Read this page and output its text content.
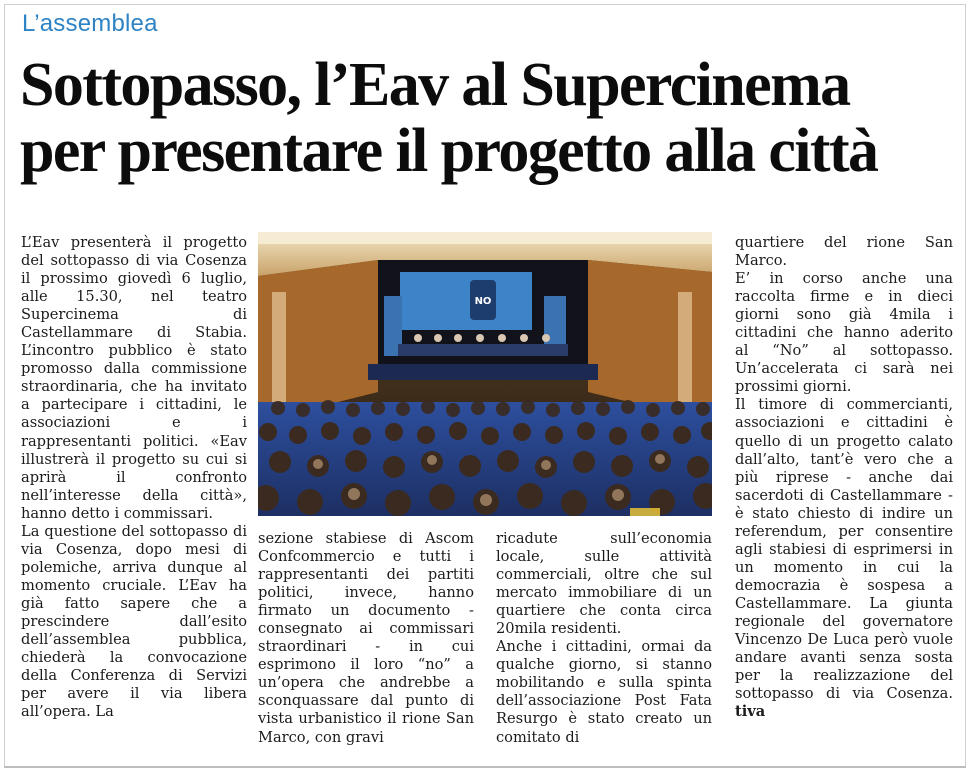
L’assemblea
Sottopasso, l’Eav al Supercinema
per presentare il progetto alla città

L’Eav presenterà il progetto del sottopasso di via Cosenza il prossimo giovedì 6 luglio, alle 15.30, nel teatro Supercinema di Castellammare di Stabia. L’incontro pubblico è stato promosso dalla commissione straordinaria, che ha invitato a partecipare i cittadini, le associazioni e i rappresentanti politici. «Eav illustrerà il progetto su cui si aprirà il confronto nell’interesse della città», hanno detto i commissari.

La questione del sottopasso di via Cosenza, dopo mesi di polemiche, arriva dunque al momento cruciale. L’Eav ha già fatto sapere che a prescindere dall’esito dell’assemblea pubblica, chiederà la convocazione della Conferenza di Servizi per avere il via libera all’opera. La

NO

sezione stabiese di Ascom Confcommercio e tutti i rappresentanti dei partiti politici, invece, hanno firmato un documento - consegnato ai commissari straordinari - in cui esprimono il loro “no” a un’opera che andrebbe a sconquassare dal punto di vista urbanistico il rione San Marco, con gravi

ricadute sull’economia locale, sulle attività commerciali, oltre che sul mercato immobiliare di un quartiere che conta circa 20mila residenti.

Anche i cittadini, ormai da qualche giorno, si stanno mobilitando e sulla spinta dell’associazione Post Fata Resurgo è stato creato un comitato di

quartiere del rione San Marco.

E’ in corso anche una raccolta firme e in dieci giorni sono già 4mila i cittadini che hanno aderito al “No” al sottopasso. Un’accelerata ci sarà nei prossimi giorni.

Il timore di commercianti, associazioni e cittadini è quello di un progetto calato dall’alto, tant’è vero che a più riprese - anche dai sacerdoti di Castellammare - è stato chiesto di indire un referendum, per consentire agli stabiesi di esprimersi in un momento in cui la democrazia è sospesa a Castellammare. La giunta regionale del governatore Vincenzo De Luca però vuole andare avanti senza sosta per la realizzazione del sottopasso di via Cosenza. tiva
